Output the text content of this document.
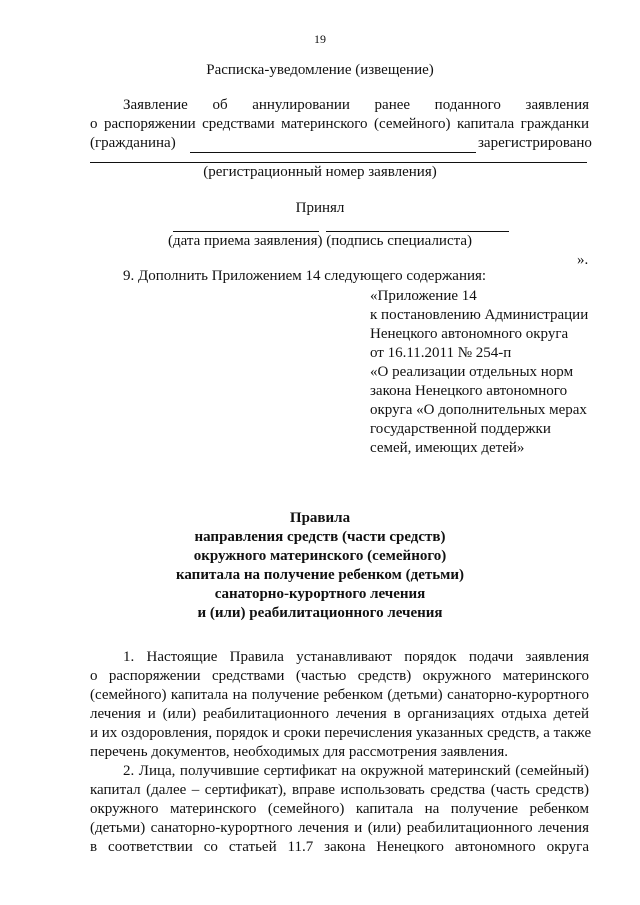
19
Расписка-уведомление (извещение)
Заявление об аннулировании ранее поданного заявления
о распоряжении средствами материнского (семейного) капитала гражданки
(гражданина)	зарегистрировано
(регистрационный номер заявления)
Принял
(дата приема заявления) (подпись специалиста)
».
9. Дополнить Приложением 14 следующего содержания:
«Приложение 14
к постановлению Администрации
Ненецкого автономного округа
от 16.11.2011 № 254-п
«О реализации отдельных норм
закона Ненецкого автономного
округа «О дополнительных мерах
государственной поддержки
семей, имеющих детей»
Правила
направления средств (части средств)
окружного материнского (семейного)
капитала на получение ребенком (детьми)
санаторно-курортного лечения
и (или) реабилитационного лечения
1. Настоящие Правила устанавливают порядок подачи заявления
о распоряжении средствами (частью средств) окружного материнского
(семейного) капитала на получение ребенком (детьми) санаторно-курортного
лечения и (или) реабилитационного лечения в организациях отдыха детей
и их оздоровления, порядок и сроки перечисления указанных средств, а также
перечень документов, необходимых для рассмотрения заявления.
2. Лица, получившие сертификат на окружной материнский (семейный)
капитал (далее – сертификат), вправе использовать средства (часть средств)
окружного материнского (семейного) капитала на получение ребенком
(детьми) санаторно-курортного лечения и (или) реабилитационного лечения
в соответствии со статьей 11.7 закона Ненецкого автономного округа
